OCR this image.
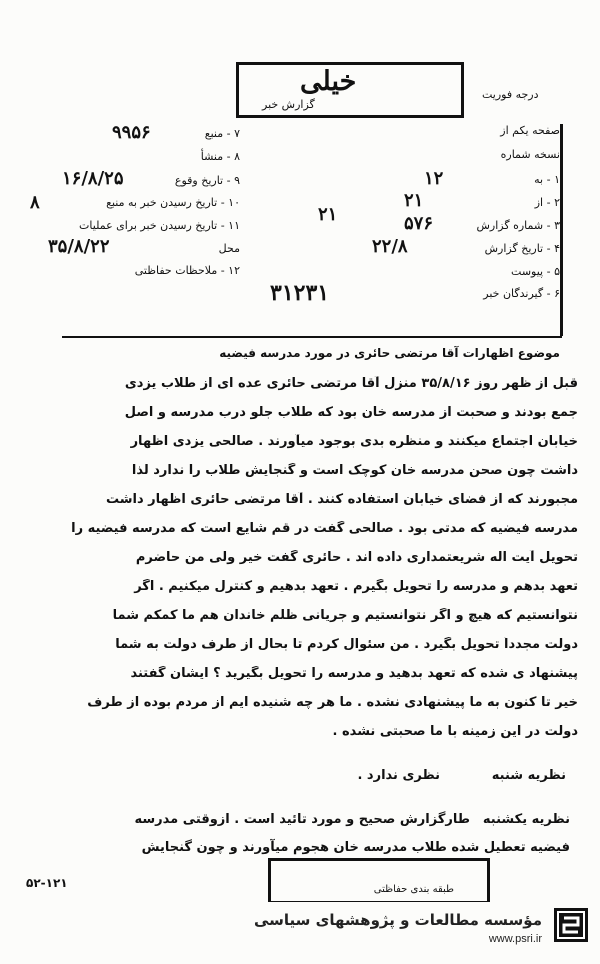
خیلی
گزارش خبر
درجه فوریت
۷ - منبع
۸ - منشأ
۹ - تاریخ وقوع
۱۰ - تاریخ رسیدن خبر به منبع
۱۱ - تاریخ رسیدن خبر برای عملیات
محل
۱۲ - ملاحظات حفاظتی
۹۹۵۶
۱۶/۸/۲۵
۸
۳۵/۸/۲۲
صفحه یکم از
نسخه شماره
۱ - به
۲ - از
۳ - شماره گزارش
۴ - تاریخ گزارش
۵ - پیوست
۶ - گیرندگان خبر
۱۲
۲۱
۵۷۶
۲۲/۸
۲۱
۳۱۲۳۱
موضوع اظهارات آقا مرتضی حائری در مورد مدرسه فیضیه
قبل از ظهر روز ۳۵/۸/۱۶ منزل آقا مرتضی حائری عده ای از طلاب یزدی
جمع بودند و صحبت از مدرسه خان بود که طلاب جلو درب مدرسه و اصل
خیابان اجتماع میکنند و منظره بدی بوجود میآورند . صالحی یزدی اظهار
داشت چون صحن مدرسه خان کوچک است و گنجایش طلاب را ندارد لذا
مجبورند که از فضای خیابان استفاده کنند . آقا مرتضی حائری اظهار داشت
مدرسه فیضیه که مدتی بود . صالحی گفت در قم شایع است که مدرسه فیضیه را
تحویل آیت اله شریعتمداری داده اند . حائری گفت خیر ولی من حاضرم
تعهد بدهم و مدرسه را تحویل بگیرم . تعهد بدهیم و کنترل میکنیم . اگر
نتوانستیم که هیچ و اگر نتوانستیم و جریانی ظلم خاندان هم ما کمکم شما
دولت مجدداً تحویل بگیرد . من سئوال کردم تا بحال از طرف دولت به شما
پیشنهاد ی شده که تعهد بدهید و مدرسه را تحویل بگیرید ؟ ایشان گفتند
خیر تا کنون به ما پیشنهادی نشده . ما هر چه شنیده ایم از مردم بوده از طرف
دولت در این زمینه با ما صحبتی نشده .
نظریه شنبه
نظری ندارد .
نظریه یکشنبه
طارگزارش صحیح و مورد تائید است . ازوقتی مدرسه
فیضیه تعطیل شده طلاب مدرسه خان هجوم میآورند و چون گنجایش
طبقه بندی حفاظتی
۵۲-۱۲۱
مؤسسه مطالعات و پژوهشهای سیاسی
www.psri.ir
